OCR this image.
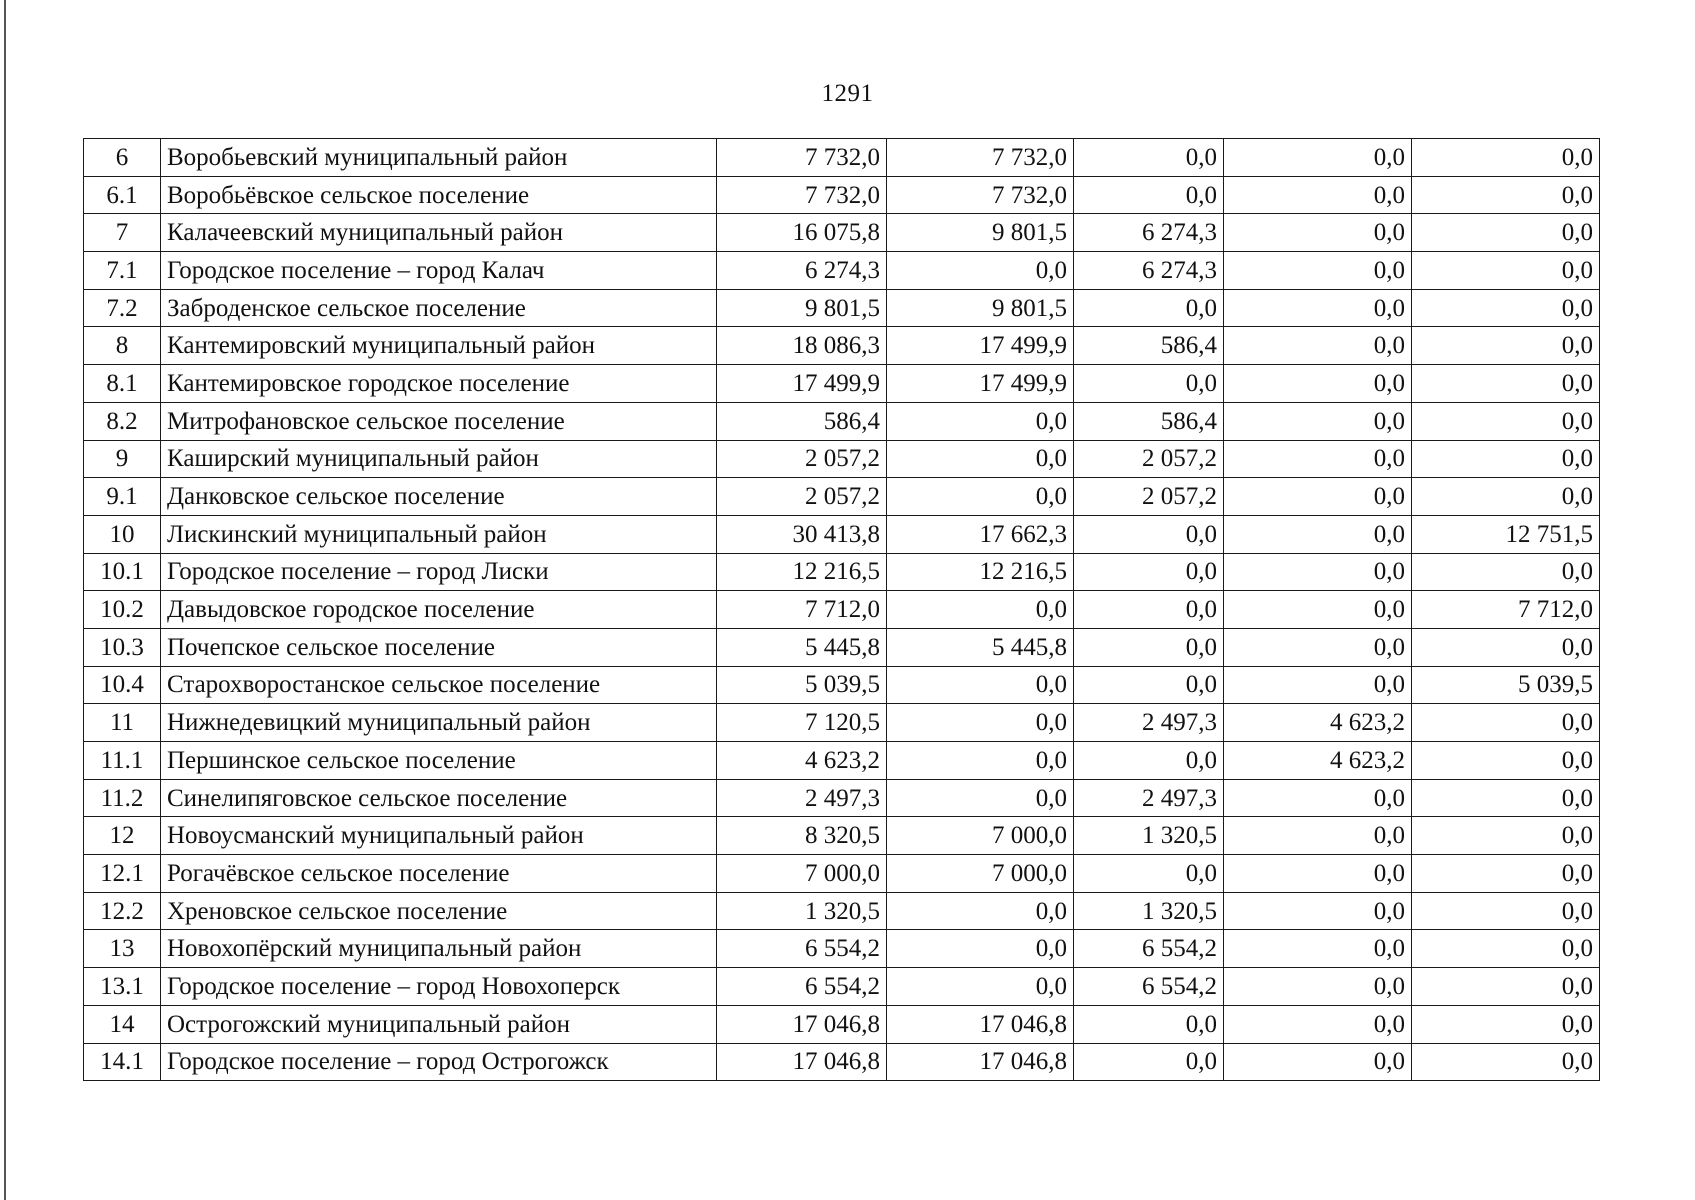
1291
6	Воробьевский муниципальный район	7 732,0	7 732,0	0,0	0,0	0,0
6.1	Воробьёвское сельское поселение	7 732,0	7 732,0	0,0	0,0	0,0
7	Калачеевский муниципальный район	16 075,8	9 801,5	6 274,3	0,0	0,0
7.1	Городское поселение – город Калач	6 274,3	0,0	6 274,3	0,0	0,0
7.2	Заброденское сельское поселение	9 801,5	9 801,5	0,0	0,0	0,0
8	Кантемировский муниципальный район	18 086,3	17 499,9	586,4	0,0	0,0
8.1	Кантемировское городское поселение	17 499,9	17 499,9	0,0	0,0	0,0
8.2	Митрофановское сельское поселение	586,4	0,0	586,4	0,0	0,0
9	Каширский муниципальный район	2 057,2	0,0	2 057,2	0,0	0,0
9.1	Данковское сельское поселение	2 057,2	0,0	2 057,2	0,0	0,0
10	Лискинский муниципальный район	30 413,8	17 662,3	0,0	0,0	12 751,5
10.1	Городское поселение – город Лиски	12 216,5	12 216,5	0,0	0,0	0,0
10.2	Давыдовское городское поселение	7 712,0	0,0	0,0	0,0	7 712,0
10.3	Почепское сельское поселение	5 445,8	5 445,8	0,0	0,0	0,0
10.4	Старохворостанское сельское поселение	5 039,5	0,0	0,0	0,0	5 039,5
11	Нижнедевицкий муниципальный район	7 120,5	0,0	2 497,3	4 623,2	0,0
11.1	Першинское сельское поселение	4 623,2	0,0	0,0	4 623,2	0,0
11.2	Синелипяговское сельское поселение	2 497,3	0,0	2 497,3	0,0	0,0
12	Новоусманский муниципальный район	8 320,5	7 000,0	1 320,5	0,0	0,0
12.1	Рогачёвское сельское поселение	7 000,0	7 000,0	0,0	0,0	0,0
12.2	Хреновское сельское поселение	1 320,5	0,0	1 320,5	0,0	0,0
13	Новохопёрский муниципальный район	6 554,2	0,0	6 554,2	0,0	0,0
13.1	Городское поселение – город Новохоперск	6 554,2	0,0	6 554,2	0,0	0,0
14	Острогожский муниципальный район	17 046,8	17 046,8	0,0	0,0	0,0
14.1	Городское поселение – город Острогожск	17 046,8	17 046,8	0,0	0,0	0,0
